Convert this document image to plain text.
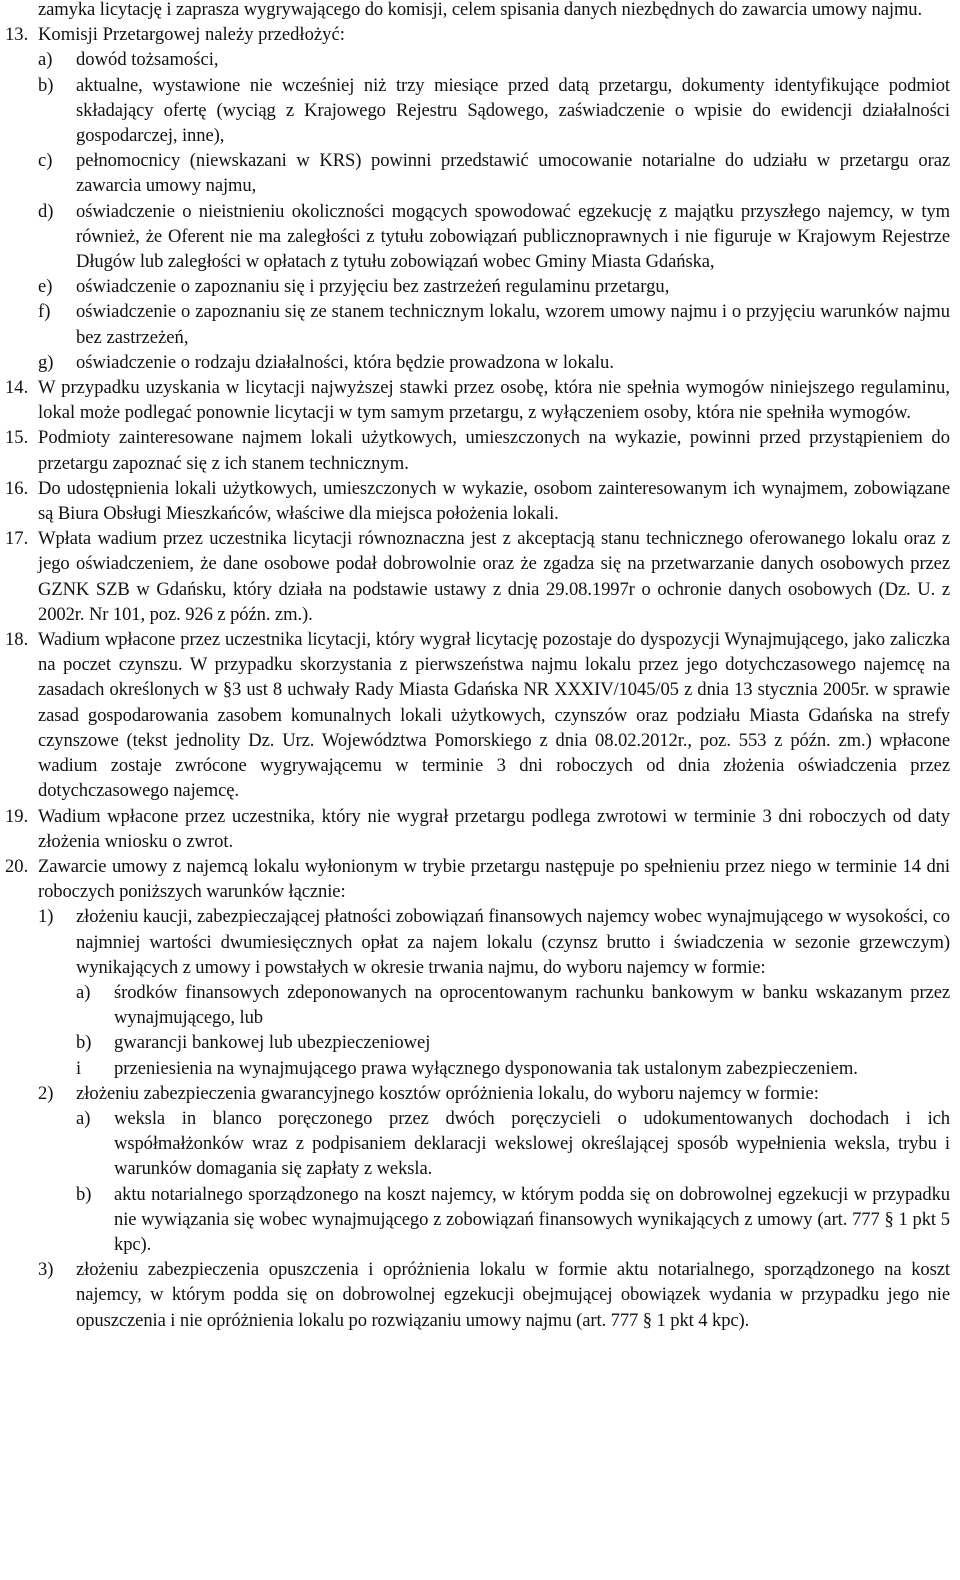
zamyka licytację i zaprasza wygrywającego do komisji, celem spisania danych niezbędnych do zawarcia umowy najmu.
13. Komisji Przetargowej należy przedłożyć:
a) dowód tożsamości,
b) aktualne, wystawione nie wcześniej niż trzy miesiące przed datą przetargu, dokumenty identyfikujące podmiot składający ofertę (wyciąg z Krajowego Rejestru Sądowego, zaświadczenie o wpisie do ewidencji działalności gospodarczej, inne),
c) pełnomocnicy (niewskazani w KRS) powinni przedstawić umocowanie notarialne do udziału w przetargu oraz zawarcia umowy najmu,
d) oświadczenie o nieistnieniu okoliczności mogących spowodować egzekucję z majątku przyszłego najemcy, w tym również, że Oferent nie ma zaległości z tytułu zobowiązań publicznoprawnych i nie figuruje w Krajowym Rejestrze Długów lub zaległości w opłatach z tytułu zobowiązań wobec Gminy Miasta Gdańska,
e) oświadczenie o zapoznaniu się i przyjęciu bez zastrzeżeń regulaminu przetargu,
f) oświadczenie o zapoznaniu się ze stanem technicznym lokalu, wzorem umowy najmu i o przyjęciu warunków najmu bez zastrzeżeń,
g) oświadczenie o rodzaju działalności, która będzie prowadzona w lokalu.
14. W przypadku uzyskania w licytacji najwyższej stawki przez osobę, która nie spełnia wymogów niniejszego regulaminu, lokal może podlegać ponownie licytacji w tym samym przetargu, z wyłączeniem osoby, która nie spełniła wymogów.
15. Podmioty zainteresowane najmem lokali użytkowych, umieszczonych na wykazie, powinni przed przystąpieniem do przetargu zapoznać się z ich stanem technicznym.
16. Do udostępnienia lokali użytkowych, umieszczonych w wykazie, osobom zainteresowanym ich wynajmem, zobowiązane są Biura Obsługi Mieszkańców, właściwe dla miejsca położenia lokali.
17. Wpłata wadium przez uczestnika licytacji równoznaczna jest z akceptacją stanu technicznego oferowanego lokalu oraz z jego oświadczeniem, że dane osobowe podał dobrowolnie oraz że zgadza się na przetwarzanie danych osobowych przez GZNK SZB w Gdańsku, który działa na podstawie ustawy z dnia 29.08.1997r o ochronie danych osobowych (Dz. U. z 2002r. Nr 101, poz. 926 z późn. zm.).
18. Wadium wpłacone przez uczestnika licytacji, który wygrał licytację pozostaje do dyspozycji Wynajmującego, jako zaliczka na poczet czynszu. W przypadku skorzystania z pierwszeństwa najmu lokalu przez jego dotychczasowego najemcę na zasadach określonych w §3 ust 8 uchwały Rady Miasta Gdańska NR XXXIV/1045/05 z dnia 13 stycznia 2005r. w sprawie zasad gospodarowania zasobem komunalnych lokali użytkowych, czynszów oraz podziału Miasta Gdańska na strefy czynszowe (tekst jednolity Dz. Urz. Województwa Pomorskiego z dnia 08.02.2012r., poz. 553 z późn. zm.) wpłacone wadium zostaje zwrócone wygrywającemu w terminie 3 dni roboczych od dnia złożenia oświadczenia przez dotychczasowego najemcę.
19. Wadium wpłacone przez uczestnika, który nie wygrał przetargu podlega zwrotowi w terminie 3 dni roboczych od daty złożenia wniosku o zwrot.
20. Zawarcie umowy z najemcą lokalu wyłonionym w trybie przetargu następuje po spełnieniu przez niego w terminie 14 dni roboczych poniższych warunków łącznie:
1) złożeniu kaucji, zabezpieczającej płatności zobowiązań finansowych najemcy wobec wynajmującego w wysokości, co najmniej wartości dwumiesięcznych opłat za najem lokalu (czynsz brutto i świadczenia w sezonie grzewczym) wynikających z umowy i powstałych w okresie trwania najmu, do wyboru najemcy w formie:
a) środków finansowych zdeponowanych na oprocentowanym rachunku bankowym w banku wskazanym przez wynajmującego, lub
b) gwarancji bankowej lub ubezpieczeniowej
i przeniesienia na wynajmującego prawa wyłącznego dysponowania tak ustalonym zabezpieczeniem.
2) złożeniu zabezpieczenia gwarancyjnego kosztów opróżnienia lokalu, do wyboru najemcy w formie:
a) weksla in blanco poręczonego przez dwóch poręczycieli o udokumentowanych dochodach i ich współmałżonków wraz z podpisaniem deklaracji wekslowej określającej sposób wypełnienia weksla, trybu i warunków domagania się zapłaty z weksla.
b) aktu notarialnego sporządzonego na koszt najemcy, w którym podda się on dobrowolnej egzekucji w przypadku nie wywiązania się wobec wynajmującego z zobowiązań finansowych wynikających z umowy (art. 777 § 1 pkt 5 kpc).
3) złożeniu zabezpieczenia opuszczenia i opróżnienia lokalu w formie aktu notarialnego, sporządzonego na koszt najemcy, w którym podda się on dobrowolnej egzekucji obejmującej obowiązek wydania w przypadku jego nie opuszczenia i nie opróżnienia lokalu po rozwiązaniu umowy najmu (art. 777 § 1 pkt 4 kpc).
